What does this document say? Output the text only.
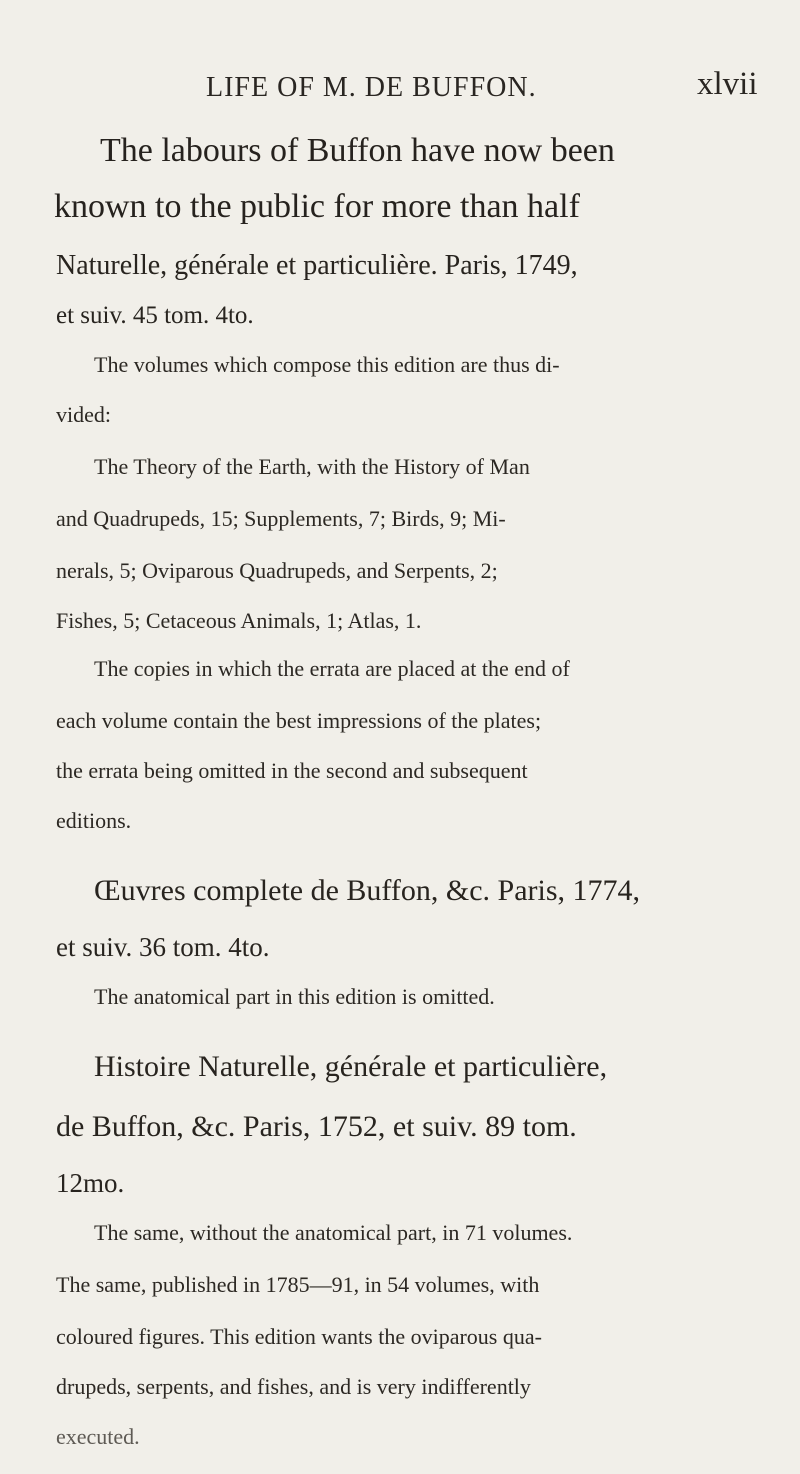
LIFE OF M. DE BUFFON.	xlvii
The labours of Buffon have now been
known to the public for more than half
Naturelle, générale et particulière. Paris, 1749,
et suiv. 45 tom. 4to.
The volumes which compose this edition are thus di-
vided:
The Theory of the Earth, with the History of Man
and Quadrupeds, 15; Supplements, 7; Birds, 9; Mi-
nerals, 5; Oviparous Quadrupeds, and Serpents, 2;
Fishes, 5; Cetaceous Animals, 1; Atlas, 1.
The copies in which the errata are placed at the end of
each volume contain the best impressions of the plates;
the errata being omitted in the second and subsequent
editions.
Œuvres complete de Buffon, &c. Paris, 1774,
et suiv. 36 tom. 4to.
The anatomical part in this edition is omitted.
Histoire Naturelle, générale et particulière,
de Buffon, &c. Paris, 1752, et suiv. 89 tom.
12mo.
The same, without the anatomical part, in 71 volumes.
The same, published in 1785—91, in 54 volumes, with
coloured figures. This edition wants the oviparous qua-
drupeds, serpents, and fishes, and is very indifferently
executed.
